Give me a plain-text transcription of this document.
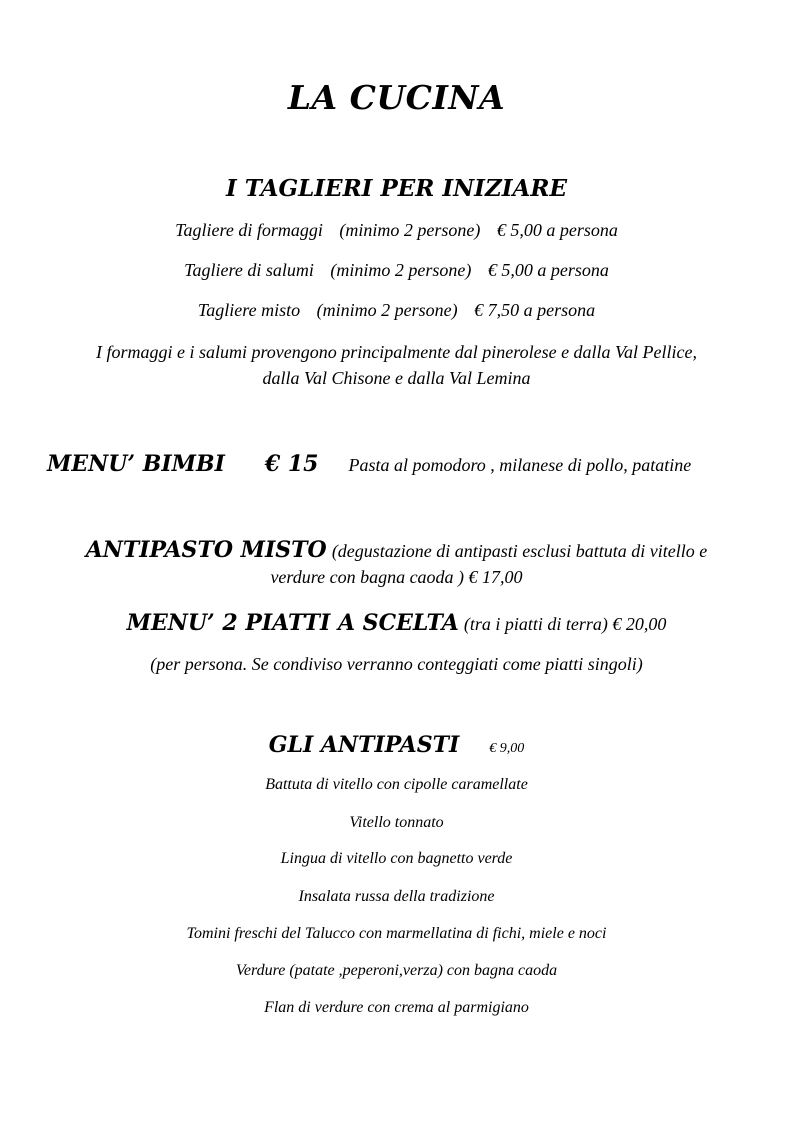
LA CUCINA
I TAGLIERI PER INIZIARE
Tagliere di formaggi (minimo 2 persone) € 5,00 a persona
Tagliere di salumi (minimo 2 persone) € 5,00 a persona
Tagliere misto (minimo 2 persone) € 7,50 a persona
I formaggi e i salumi provengono principalmente dal pinerolese e dalla Val Pellice,
dalla Val Chisone e dalla Val Lemina
MENU’ BIMBI € 15 Pasta al pomodoro , milanese di pollo, patatine
ANTIPASTO MISTO (degustazione di antipasti esclusi battuta di vitello e
verdure con bagna caoda ) € 17,00
MENU’ 2 PIATTI A SCELTA (tra i piatti di terra) € 20,00
(per persona. Se condiviso verranno conteggiati come piatti singoli)
GLI ANTIPASTI € 9,00
Battuta di vitello con cipolle caramellate
Vitello tonnato
Lingua di vitello con bagnetto verde
Insalata russa della tradizione
Tomini freschi del Talucco con marmellatina di fichi, miele e noci
Verdure (patate ,peperoni,verza) con bagna caoda
Flan di verdure con crema al parmigiano
